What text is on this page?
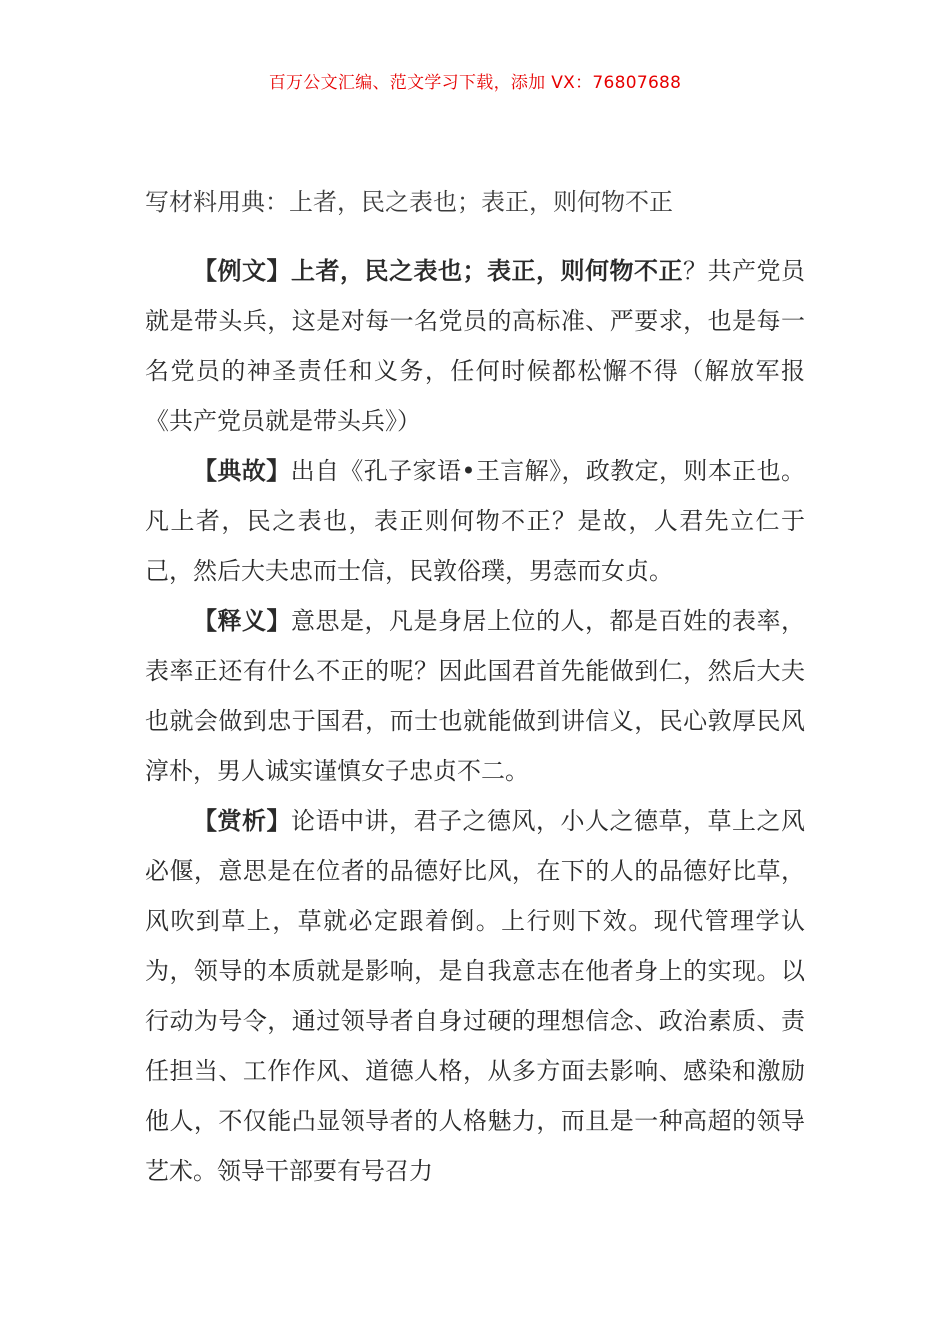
百万公文汇编、范文学习下载，添加 VX：76807688
写材料用典：上者，民之表也；表正，则何物不正

【例文】上者，民之表也；表正，则何物不正？共产党员就是带头兵，这是对每一名党员的高标准、严要求，也是每一名党员的神圣责任和义务，任何时候都松懈不得（解放军报《共产党员就是带头兵》）

【典故】出自《孔子家语•王言解》，政教定，则本正也。凡上者，民之表也，表正则何物不正？是故，人君先立仁于己，然后大夫忠而士信，民敦俗璞，男悫而女贞。

【释义】意思是，凡是身居上位的人，都是百姓的表率，表率正还有什么不正的呢？因此国君首先能做到仁，然后大夫也就会做到忠于国君，而士也就能做到讲信义，民心敦厚民风淳朴，男人诚实谨慎女子忠贞不二。

【赏析】论语中讲，君子之德风，小人之德草，草上之风必偃，意思是在位者的品德好比风，在下的人的品德好比草，风吹到草上，草就必定跟着倒。上行则下效。现代管理学认为，领导的本质就是影响，是自我意志在他者身上的实现。以行动为号令，通过领导者自身过硬的理想信念、政治素质、责任担当、工作作风、道德人格，从多方面去影响、感染和激励他人，不仅能凸显领导者的人格魅力，而且是一种高超的领导艺术。领导干部要有号召力
